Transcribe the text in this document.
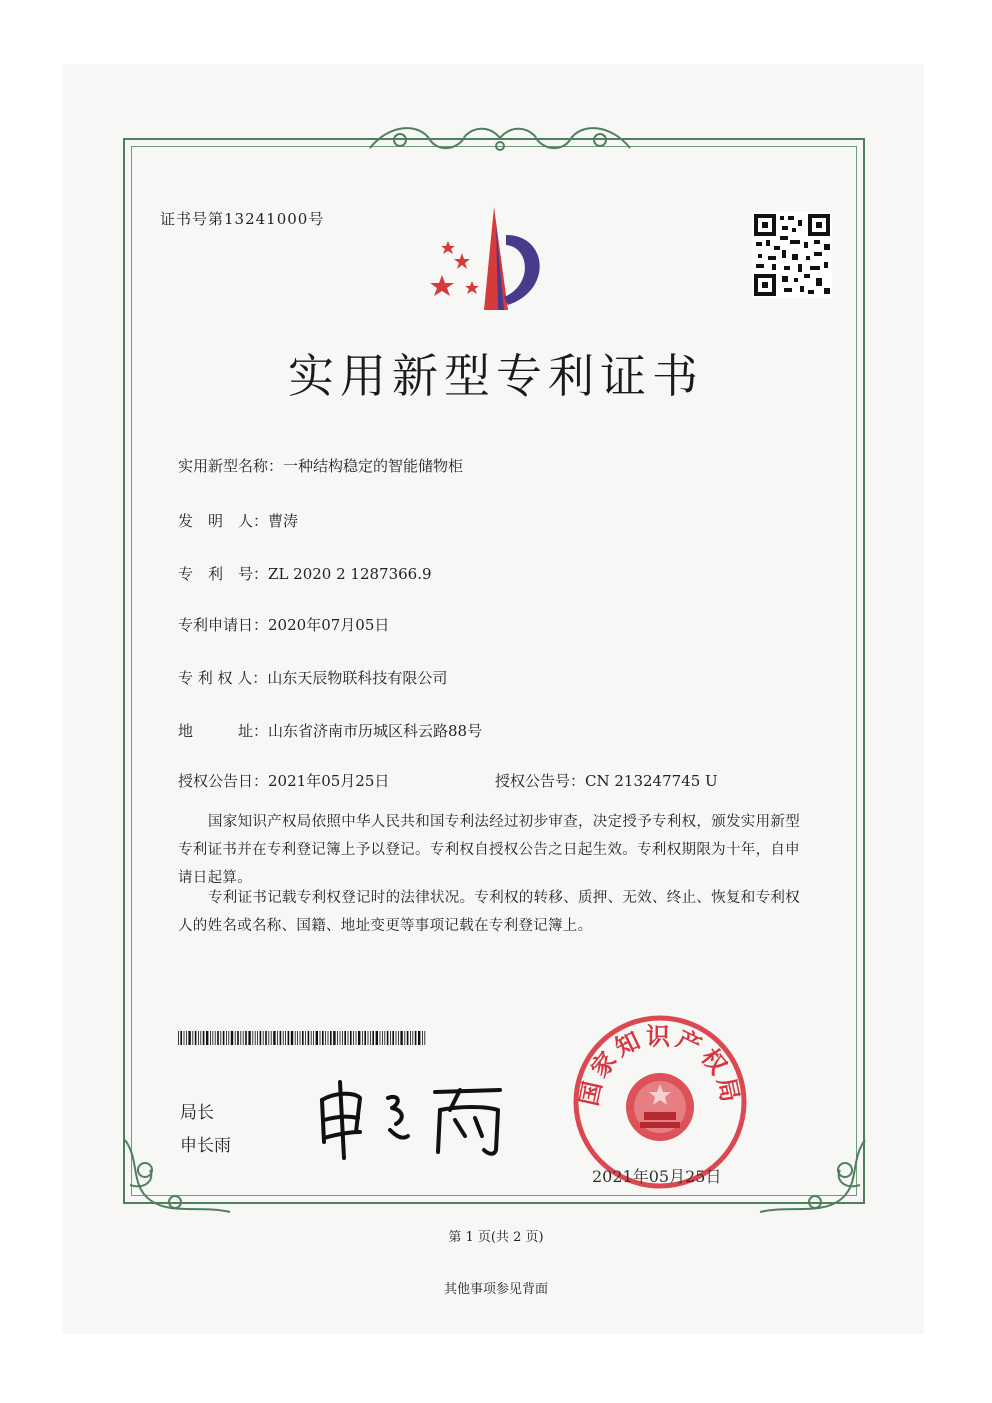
证书号第13241000号
实用新型专利证书
实用新型名称：一种结构稳定的智能储物柜
发　明　人：曹涛
专　利　号：ZL 2020 2 1287366.9
专利申请日：2020年07月05日
专 利 权 人：山东天辰物联科技有限公司
地　　　址：山东省济南市历城区科云路88号
授权公告日：2021年05月25日	授权公告号：CN 213247745 U
国家知识产权局依照中华人民共和国专利法经过初步审查，决定授予专利权，颁发实用新型专利证书并在专利登记簿上予以登记。专利权自授权公告之日起生效。专利权期限为十年，自申请日起算。
专利证书记载专利权登记时的法律状况。专利权的转移、质押、无效、终止、恢复和专利权人的姓名或名称、国籍、地址变更等事项记载在专利登记簿上。
局长
申长雨
国家知识产权局
2021年05月25日
第 1 页(共 2 页)
其他事项参见背面
